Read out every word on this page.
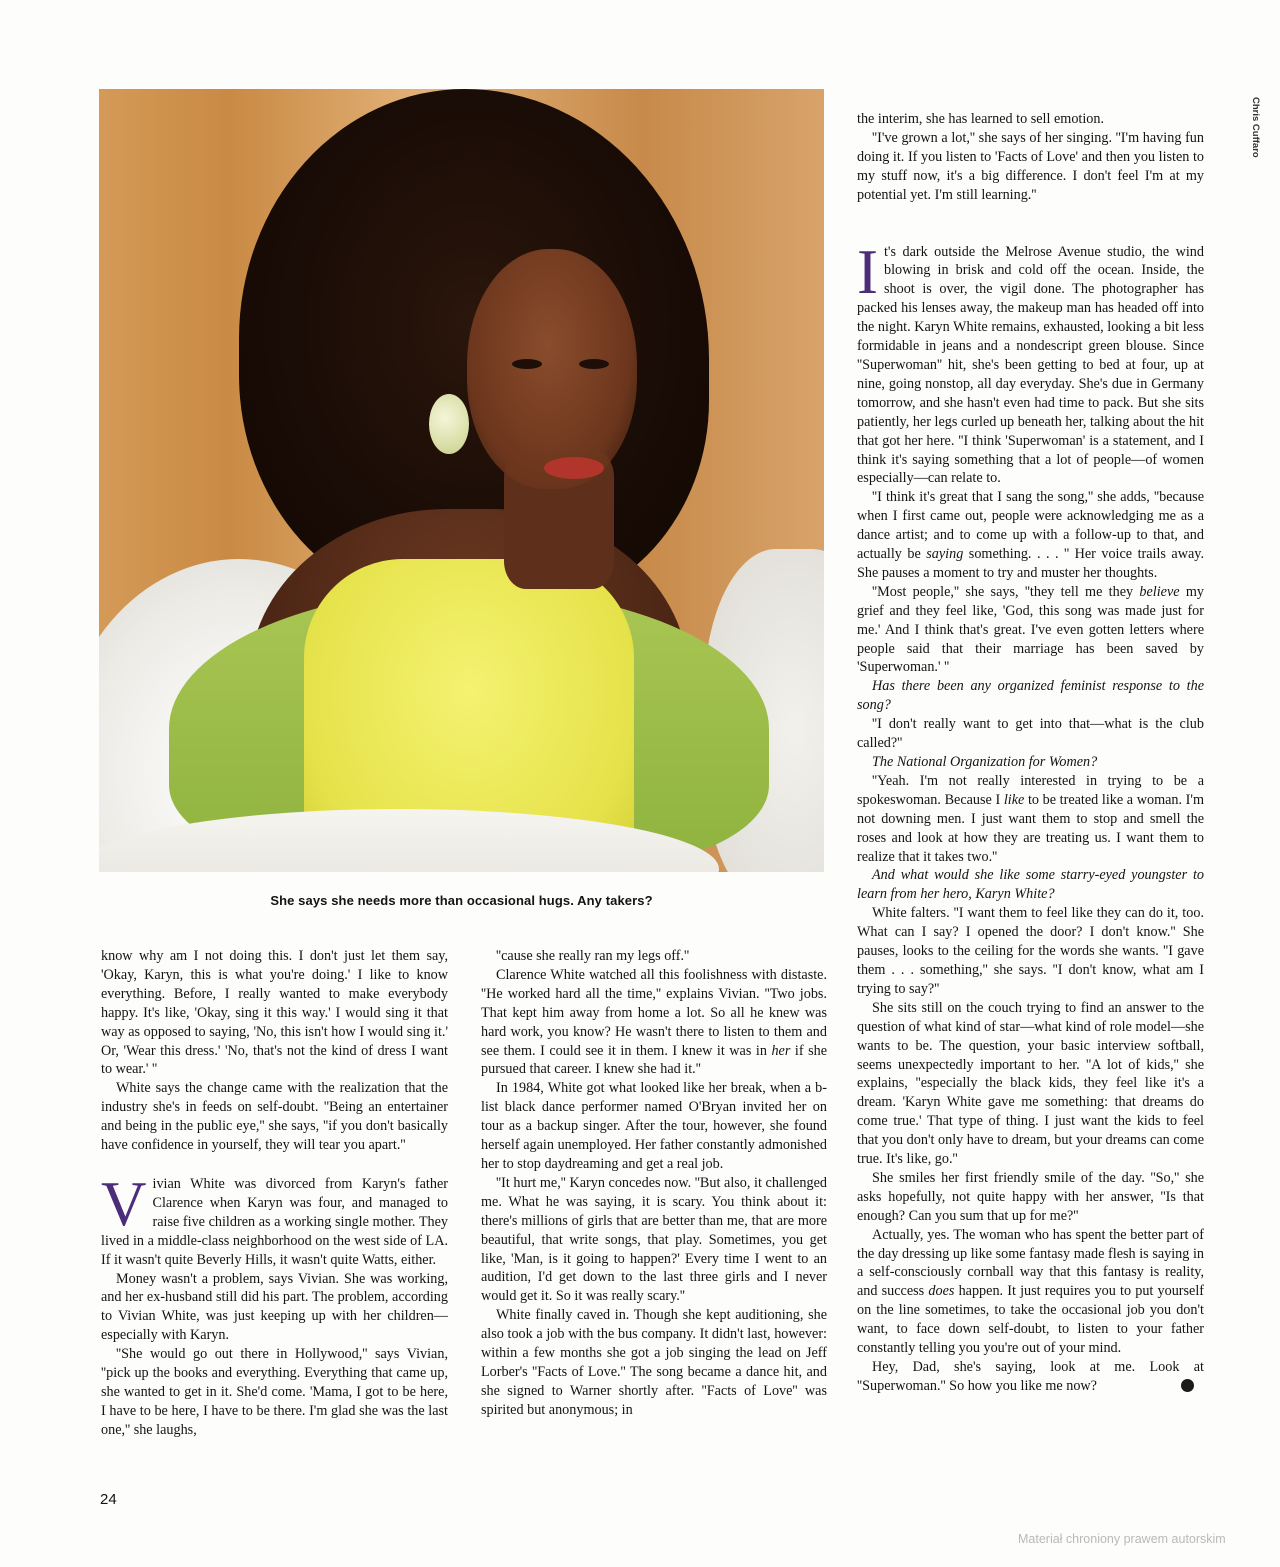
Chris Cuffaro
She says she needs more than occasional hugs. Any takers?

know why am I not doing this. I don't just let them say, 'Okay, Karyn, this is what you're doing.' I like to know everything. Before, I really wanted to make everybody happy. It's like, 'Okay, sing it this way.' I would sing it that way as opposed to saying, 'No, this isn't how I would sing it.' Or, 'Wear this dress.' 'No, that's not the kind of dress I want to wear.' ''

White says the change came with the realization that the industry she's in feeds on self-doubt. ''Being an entertainer and being in the public eye,'' she says, ''if you don't basically have confidence in yourself, they will tear you apart.''

Vivian White was divorced from Karyn's father Clarence when Karyn was four, and managed to raise five children as a working single mother. They lived in a middle-class neighborhood on the west side of LA. If it wasn't quite Beverly Hills, it wasn't quite Watts, either.

Money wasn't a problem, says Vivian. She was working, and her ex-husband still did his part. The problem, according to Vivian White, was just keeping up with her children—especially with Karyn.

''She would go out there in Hollywood,'' says Vivian, ''pick up the books and everything. Everything that came up, she wanted to get in it. She'd come. 'Mama, I got to be here, I have to be here, I have to be there. I'm glad she was the last one,'' she laughs,

''cause she really ran my legs off.''

Clarence White watched all this foolishness with distaste. ''He worked hard all the time,'' explains Vivian. ''Two jobs. That kept him away from home a lot. So all he knew was hard work, you know? He wasn't there to listen to them and see them. I could see it in them. I knew it was in her if she pursued that career. I knew she had it.''

In 1984, White got what looked like her break, when a b-list black dance performer named O'Bryan invited her on tour as a backup singer. After the tour, however, she found herself again unemployed. Her father constantly admonished her to stop daydreaming and get a real job.

''It hurt me,'' Karyn concedes now. ''But also, it challenged me. What he was saying, it is scary. You think about it: there's millions of girls that are better than me, that are more beautiful, that write songs, that play. Sometimes, you get like, 'Man, is it going to happen?' Every time I went to an audition, I'd get down to the last three girls and I never would get it. So it was really scary.''

White finally caved in. Though she kept auditioning, she also took a job with the bus company. It didn't last, however: within a few months she got a job singing the lead on Jeff Lorber's ''Facts of Love.'' The song became a dance hit, and she signed to Warner shortly after. ''Facts of Love'' was spirited but anonymous; in

the interim, she has learned to sell emotion.

''I've grown a lot,'' she says of her singing. ''I'm having fun doing it. If you listen to 'Facts of Love' and then you listen to my stuff now, it's a big difference. I don't feel I'm at my potential yet. I'm still learning.''

It's dark outside the Melrose Avenue studio, the wind blowing in brisk and cold off the ocean. Inside, the shoot is over, the vigil done. The photographer has packed his lenses away, the makeup man has headed off into the night. Karyn White remains, exhausted, looking a bit less formidable in jeans and a nondescript green blouse. Since ''Superwoman'' hit, she's been getting to bed at four, up at nine, going nonstop, all day everyday. She's due in Germany tomorrow, and she hasn't even had time to pack. But she sits patiently, her legs curled up beneath her, talking about the hit that got her here. ''I think 'Superwoman' is a statement, and I think it's saying something that a lot of people—of women especially—can relate to.

''I think it's great that I sang the song,'' she adds, ''because when I first came out, people were acknowledging me as a dance artist; and to come up with a follow-up to that, and actually be saying something. . . . '' Her voice trails away. She pauses a moment to try and muster her thoughts.

''Most people,'' she says, ''they tell me they believe my grief and they feel like, 'God, this song was made just for me.' And I think that's great. I've even gotten letters where people said that their marriage has been saved by 'Superwoman.' ''

Has there been any organized feminist response to the song?

''I don't really want to get into that—what is the club called?''

The National Organization for Women?

''Yeah. I'm not really interested in trying to be a spokeswoman. Because I like to be treated like a woman. I'm not downing men. I just want them to stop and smell the roses and look at how they are treating us. I want them to realize that it takes two.''

And what would she like some starry-eyed youngster to learn from her hero, Karyn White?

White falters. ''I want them to feel like they can do it, too. What can I say? I opened the door? I don't know.'' She pauses, looks to the ceiling for the words she wants. ''I gave them . . . something,'' she says. ''I don't know, what am I trying to say?''

She sits still on the couch trying to find an answer to the question of what kind of star—what kind of role model—she wants to be. The question, your basic interview softball, seems unexpectedly important to her. ''A lot of kids,'' she explains, ''especially the black kids, they feel like it's a dream. 'Karyn White gave me something: that dreams do come true.' That type of thing. I just want the kids to feel that you don't only have to dream, but your dreams can come true. It's like, go.''

She smiles her first friendly smile of the day. ''So,'' she asks hopefully, not quite happy with her answer, ''Is that enough? Can you sum that up for me?''

Actually, yes. The woman who has spent the better part of the day dressing up like some fantasy made flesh is saying in a self-consciously cornball way that this fantasy is reality, and success does happen. It just requires you to put yourself on the line sometimes, to take the occasional job you don't want, to face down self-doubt, to listen to your father constantly telling you you're out of your mind.

Hey, Dad, she's saying, look at me. Look at ''Superwoman.'' So how you like me now?

24
Materiał chroniony prawem autorskim
